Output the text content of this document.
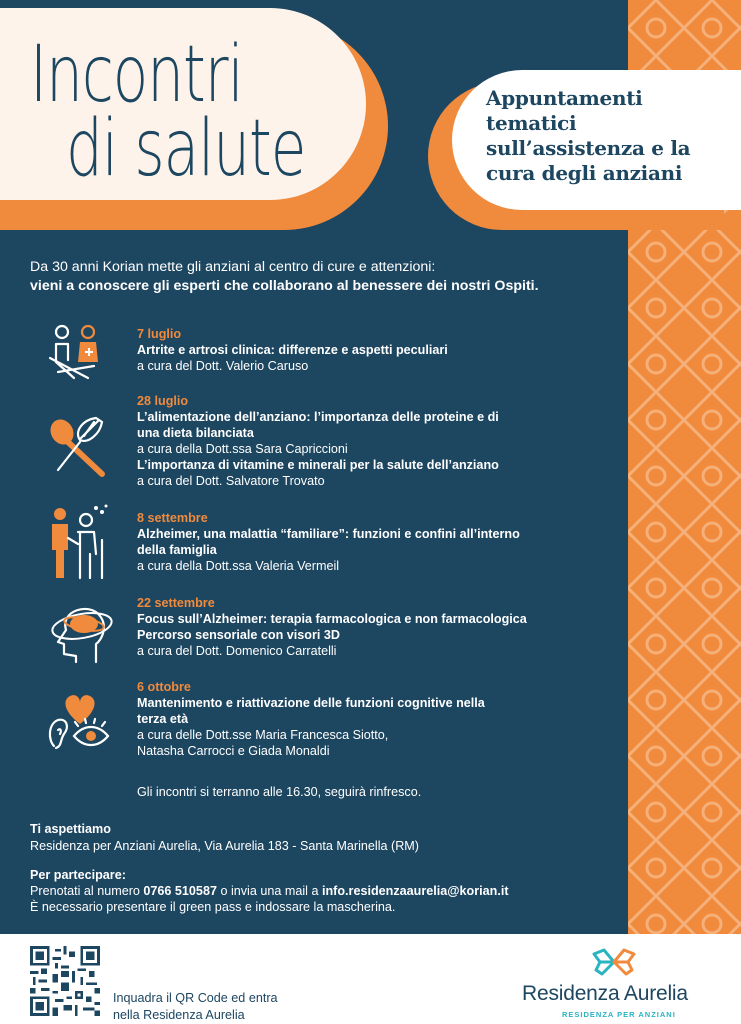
Incontri
di salute
Appuntamenti tematici sull’assistenza e la cura degli anziani
Da 30 anni Korian mette gli anziani al centro di cure e attenzioni:
vieni a conoscere gli esperti che collaborano al benessere dei nostri Ospiti.
7 luglio
Artrite e artrosi clinica: differenze e aspetti peculiari
a cura del Dott. Valerio Caruso
28 luglio
L’alimentazione dell’anziano: l’importanza delle proteine e di
una dieta bilanciata
a cura della Dott.ssa Sara Capriccioni
L’importanza di vitamine e minerali per la salute dell’anziano
a cura del Dott. Salvatore Trovato
8 settembre
Alzheimer, una malattia “familiare”: funzioni e confini all’interno
della famiglia
a cura della Dott.ssa Valeria Vermeil
22 settembre
Focus sull’Alzheimer: terapia farmacologica e non farmacologica
Percorso sensoriale con visori 3D
a cura del Dott. Domenico Carratelli
6 ottobre
Mantenimento e riattivazione delle funzioni cognitive nella
terza età
a cura delle Dott.sse Maria Francesca Siotto,
Natasha Carrocci e Giada Monaldi
Gli incontri si terranno alle 16.30, seguirà rinfresco.
Ti aspettiamo
Residenza per Anziani Aurelia, Via Aurelia 183 - Santa Marinella (RM)
Per partecipare:
Prenotati al numero 0766 510587 o invia una mail a info.residenzaaurelia@korian.it
È necessario presentare il green pass e indossare la mascherina.
Inquadra il QR Code ed entra
nella Residenza Aurelia
Residenza Aurelia
RESIDENZA PER ANZIANI
